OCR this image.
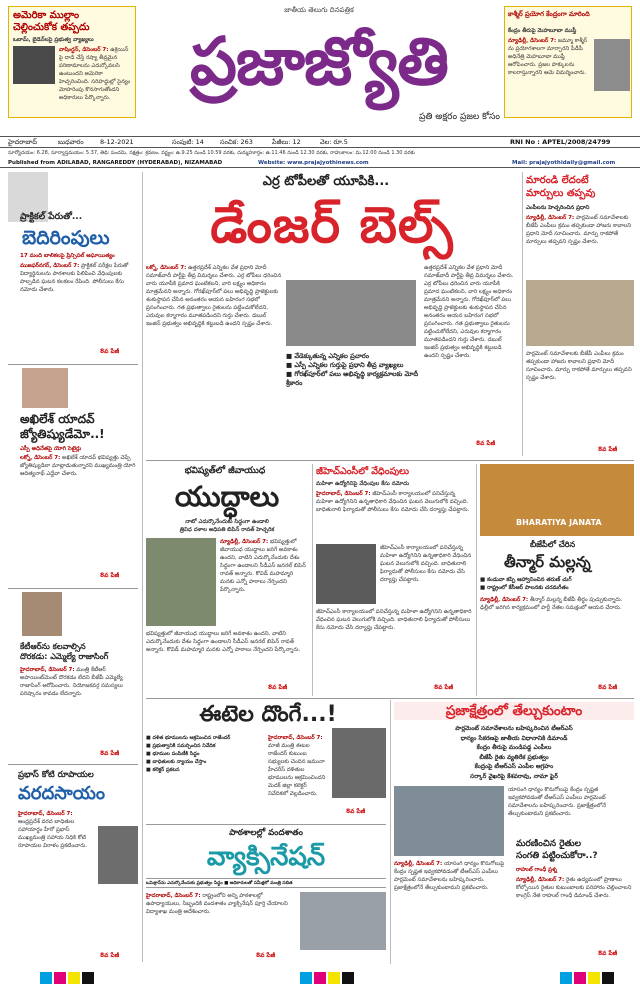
అమెరికా ముల్లాం
చెల్లించుకోక తప్పదు
ఒబామ్, బైడెన్‌లపై ప్రభుత్వ వ్యాఖ్యలు
వాషింగ్టన్‌, డిసెంబర్‌ 7: ఉక్రెయిన్‌ పై దాడి చేస్తే రష్యా తీవ్రమైన పరిణామాలను ఎదుర్కోవలసి ఉంటుందని అమెరికా హెచ్చరించింది. సరిహద్దుల్లో సైన్యం మోహరింపు కొనసాగుతోందని అధికారులు పేర్కొన్నారు.
జాతీయ తెలుగు దినపత్రిక
ప్రజాజ్యోతి
ప్రతి అక్షరం ప్రజల కోసం
కాశ్మీర్‌ ప్రయోగ కేంద్రంగా మారింది
కేంద్రం తీరుపై మెహబూబా ముఫ్తీ
న్యూఢిల్లీ, డిసెంబర్‌ 7: జమ్మూ కాశ్మీర్‌ ను ప్రయోగశాలగా మార్చారని పీడీపీ అధినేత్రి మెహబూబా ముఫ్తీ ఆరోపించారు. ప్రజల హక్కులను కాలరాస్తున్నారని ఆమె విమర్శించారు.
హైదరాబాద్	బుధవారం	8-12-2021	సంపుటి: 14 సంచిక: 263	పేజీలు: 12	వెల: రూ.5	RNI No : APTEL/2008/24799
సూర్యోదయం: 6.28, సూర్యాస్తమయం: 5.37, తిథి: పంచమి, నక్షత్రం: శ్రవణం, వర్జ్యం: ఉ.9.25 నుండి 10.59 వరకు, దుర్ముహూర్తం: ఉ.11.46 నుండి 12.30 వరకు, రాహుకాలం: మ.12.00 నుండి 1.30 వరకు
Published from ADILABAD, RANGAREDDY (HYDERABAD), NIZAMABAD	Website: www.prajajyothinews.com	Mail: prajajyothidaily@gmail.com
ప్రాక్టికల్‌ పేరుతో...
బెదిరింపులు
17 మంది బాలికలపై ప్రిన్సిపల్‌ అఘాయిత్యం
ముజఫర్‌నగర్‌, డిసెంబర్‌ 7: ప్రాక్టికల్‌ పరీక్షల పేరుతో విద్యార్థినులను పాఠశాలకు పిలిపించి వేధింపులకు పాల్పడిన ఘటన కలకలం రేపింది. పోలీసులు కేసు నమోదు చేశారు.
8వ పేజీ
అఖిలేశ్‌ యాదవ్‌
జ్యోతిష్యుడేమో..!
ఎస్పీ అధినేతపై యోగి సెటైర్లు
లక్నో, డిసెంబర్‌ 7: అఖిలేశ్‌ యాదవ్‌ భవిష్యత్తు చెప్పే జ్యోతిష్యుడిలా మాట్లాడుతున్నారని ముఖ్యమంత్రి యోగి ఆదిత్యనాథ్‌ ఎద్దేవా చేశారు.
8వ పేజీ
కేటీఆర్‌ను కలవాల్సిన
దొరకడు: ఎమ్మెల్యే రాజాసింగ్‌
హైదరాబాద్‌, డిసెంబర్‌ 7: మంత్రి కేటీఆర్‌ అపాయింట్‌మెంట్‌ దొరకడం లేదని బీజేపీ ఎమ్మెల్యే రాజాసింగ్‌ ఆరోపించారు. నియోజకవర్గ సమస్యలు పరిష్కారం కావడం లేదన్నారు.
8వ పేజీ
ప్రభాస్‌ కోటి రూపాయల
వరదసాయం
హైదరాబాద్‌, డిసెంబర్‌ 7: ఆంధ్రప్రదేశ్‌ వరద బాధితుల సహాయార్థం హీరో ప్రభాస్‌ ముఖ్యమంత్రి సహాయ నిధికి కోటి రూపాయల విరాళం ప్రకటించారు.
8వ పేజీ
ఎర్ర టోపీలతో యూపికి...
డేంజర్ బెల్స్
లక్నో, డిసెంబర్‌ 7: ఉత్తరప్రదేశ్‌ ఎన్నికల వేళ ప్రధాని మోదీ సమాజ్‌వాదీ పార్టీపై తీవ్ర విమర్శలు చేశారు. ఎర్ర టోపీలు ధరించిన వారు యూపీకి ప్రమాద ఘంటికలని, వారి లక్ష్యం అధికారం మాత్రమేనని అన్నారు. గోరఖ్‌పూర్‌లో పలు అభివృద్ధి ప్రాజెక్టులకు శంకుస్థాపన చేసిన అనంతరం ఆయన బహిరంగ సభలో ప్రసంగించారు. గత ప్రభుత్వాలు రైతులను పట్టించుకోలేదని, ఎరువుల కర్మాగారం మూతపడిందని గుర్తు చేశారు. డబుల్‌ ఇంజిన్‌ ప్రభుత్వం అభివృద్ధికి కట్టుబడి ఉందని స్పష్టం చేశారు.
■ వేడెక్కుతున్న ఎన్నికల ప్రచారం
■ ఎస్పీ ఎన్నికల గుర్తుపై ప్రధాని తీవ్ర వ్యాఖ్యలు
■ గోరఖ్‌పూర్‌లో పలు అభివృద్ధి కార్యక్రమాలకు మోదీ శ్రీకారం
ఉత్తరప్రదేశ్‌ ఎన్నికల వేళ ప్రధాని మోదీ సమాజ్‌వాదీ పార్టీపై తీవ్ర విమర్శలు చేశారు. ఎర్ర టోపీలు ధరించిన వారు యూపీకి ప్రమాద ఘంటికలని, వారి లక్ష్యం అధికారం మాత్రమేనని అన్నారు. గోరఖ్‌పూర్‌లో పలు అభివృద్ధి ప్రాజెక్టులకు శంకుస్థాపన చేసిన అనంతరం ఆయన బహిరంగ సభలో ప్రసంగించారు. గత ప్రభుత్వాలు రైతులను పట్టించుకోలేదని, ఎరువుల కర్మాగారం మూతపడిందని గుర్తు చేశారు. డబుల్‌ ఇంజిన్‌ ప్రభుత్వం అభివృద్ధికి కట్టుబడి ఉందని స్పష్టం చేశారు.
8వ పేజీ
మారండి లేదంటే
మార్పులు తప్పవు
ఎంపీలను హెచ్చరించిన ప్రధాని
న్యూఢిల్లీ, డిసెంబర్‌ 7: పార్లమెంట్‌ సమావేశాలకు బీజేపీ ఎంపీలు క్రమం తప్పకుండా హాజరు కావాలని ప్రధాని మోదీ సూచించారు. మార్పు రాకపోతే మార్పులు తప్పవని స్పష్టం చేశారు.
పార్లమెంట్‌ సమావేశాలకు బీజేపీ ఎంపీలు క్రమం తప్పకుండా హాజరు కావాలని ప్రధాని మోదీ సూచించారు. మార్పు రాకపోతే మార్పులు తప్పవని స్పష్టం చేశారు.
8వ పేజీ
భవిష్యత్‌లో జీవాయుధ
యుద్ధాలు
నాటో ఎదుర్కొనేందుకు సిద్ధంగా ఉండాలి
త్రివిధ దళాల అధిపతి బిపిన్‌ రావత్‌ హెచ్చరిక
న్యూఢిల్లీ, డిసెంబర్‌ 7: భవిష్యత్తులో జీవాయుధ యుద్ధాలు జరిగే అవకాశం ఉందని, వాటిని ఎదుర్కొనేందుకు దేశం సిద్ధంగా ఉండాలని సీడీఎస్‌ జనరల్‌ బిపిన్‌ రావత్‌ అన్నారు. కొవిడ్‌ మహమ్మారి మనకు ఎన్నో పాఠాలు నేర్పిందని పేర్కొన్నారు.
భవిష్యత్తులో జీవాయుధ యుద్ధాలు జరిగే అవకాశం ఉందని, వాటిని ఎదుర్కొనేందుకు దేశం సిద్ధంగా ఉండాలని సీడీఎస్‌ జనరల్‌ బిపిన్‌ రావత్‌ అన్నారు. కొవిడ్‌ మహమ్మారి మనకు ఎన్నో పాఠాలు నేర్పిందని పేర్కొన్నారు.
8వ పేజీ
జీహెచ్‌ఎంసీలో వేధింపులు
మహిళా ఉద్యోగినిపై వేధింపుల కేసు నమోదు
హైదరాబాద్‌, డిసెంబర్‌ 7: జీహెచ్‌ఎంసీ కార్యాలయంలో పనిచేస్తున్న మహిళా ఉద్యోగినిని ఉన్నతాధికారి వేధించిన ఘటన వెలుగులోకి వచ్చింది. బాధితురాలి ఫిర్యాదుతో పోలీసులు కేసు నమోదు చేసి దర్యాప్తు చేపట్టారు.
జీహెచ్‌ఎంసీ కార్యాలయంలో పనిచేస్తున్న మహిళా ఉద్యోగినిని ఉన్నతాధికారి వేధించిన ఘటన వెలుగులోకి వచ్చింది. బాధితురాలి ఫిర్యాదుతో పోలీసులు కేసు నమోదు చేసి దర్యాప్తు చేపట్టారు.
జీహెచ్‌ఎంసీ కార్యాలయంలో పనిచేస్తున్న మహిళా ఉద్యోగినిని ఉన్నతాధికారి వేధించిన ఘటన వెలుగులోకి వచ్చింది. బాధితురాలి ఫిర్యాదుతో పోలీసులు కేసు నమోదు చేసి దర్యాప్తు చేపట్టారు.
8వ పేజీ
BHARATIYA JANATA
బీజేపీలో చేరిన
తీన్మార్‌ మల్లన్న
■ కండువా కప్పి ఆహ్వానించిన తరుణ్‌ చుగ్‌
■ రాష్ట్రంలో కేసీఆర్‌ పాలనకు చరమగీతం
న్యూఢిల్లీ, డిసెంబర్‌ 7: తీన్మార్‌ మల్లన్న బీజేపీ తీర్థం పుచ్చుకున్నారు. ఢిల్లీలో జరిగిన కార్యక్రమంలో పార్టీ నేతల సమక్షంలో ఆయన చేరారు.
8వ పేజీ
ఈటెల దొంగే...!
■ దళిత భూములను ఆక్రమించిన రాజేందర్‌
■ ప్రభుత్వానికి సమర్పించిన నివేదిక
■ భూముల పంపిణీకి సిద్ధం
■ బాధితులకు న్యాయం చేస్తాం
■ కలెక్టర్‌ ప్రకటన
హైదరాబాద్‌, డిసెంబర్‌ 7: మాజీ మంత్రి ఈటల రాజేందర్‌ కుటుంబ సభ్యులకు చెందిన జమునా హేచరీస్‌ దళితుల భూములను ఆక్రమించిందని మెదక్‌ జిల్లా కలెక్టర్‌ నివేదికలో వెల్లడించారు.
8వ పేజీ
పాఠశాలల్లో వందశాతం
వ్యాక్సినేషన్
ఒమిక్రాన్‌ను ఎదుర్కొనేందుకు ప్రభుత్వం సిద్ధం ■ అధికారులతో సమీక్షలో మంత్రి సబిత
హైదరాబాద్‌, డిసెంబర్‌ 7: రాష్ట్రంలోని అన్ని పాఠశాలల్లో ఉపాధ్యాయులు, సిబ్బందికి వందశాతం వ్యాక్సినేషన్‌ పూర్తి చేయాలని విద్యాశాఖ మంత్రి ఆదేశించారు.
8వ పేజీ
ప్రజాక్షేత్రంలో తేల్చుకుంటాం
పార్లమెంట్‌ సమావేశాలను బహిష్కరించిన టీఆర్‌ఎస్‌
ధాన్యం సేకరణపై జాతీయ విధానానికి డిమాండ్‌
కేంద్రం తీరుపై మండిపడ్డ ఎంపీలు
బీజేపీ రైతు వ్యతిరేక ప్రభుత్వం
కేంద్రంపై టీఆర్‌ఎస్‌ ఎంపీల ఆగ్రహం
సర్కార్‌ వైఖరిపై కేశవరావు, నామా ఫైర్‌
యాసంగి ధాన్యం కొనుగోలుపై కేంద్రం స్పష్టత ఇవ్వకపోవడంతో టీఆర్‌ఎస్‌ ఎంపీలు పార్లమెంట్‌ సమావేశాలను బహిష్కరించారు. ప్రజాక్షేత్రంలోనే తేల్చుకుంటామని ప్రకటించారు.
న్యూఢిల్లీ, డిసెంబర్‌ 7: యాసంగి ధాన్యం కొనుగోలుపై కేంద్రం స్పష్టత ఇవ్వకపోవడంతో టీఆర్‌ఎస్‌ ఎంపీలు పార్లమెంట్‌ సమావేశాలను బహిష్కరించారు. ప్రజాక్షేత్రంలోనే తేల్చుకుంటామని ప్రకటించారు.
మరణించిన రైతుల
సంగతి పట్టించుకోరా..?
రాహుల్‌ గాంధీ ప్రశ్న
న్యూఢిల్లీ, డిసెంబర్‌ 7: రైతు ఉద్యమంలో ప్రాణాలు కోల్పోయిన రైతుల కుటుంబాలకు పరిహారం చెల్లించాలని కాంగ్రెస్‌ నేత రాహుల్‌ గాంధీ డిమాండ్‌ చేశారు.
8వ పేజీ
